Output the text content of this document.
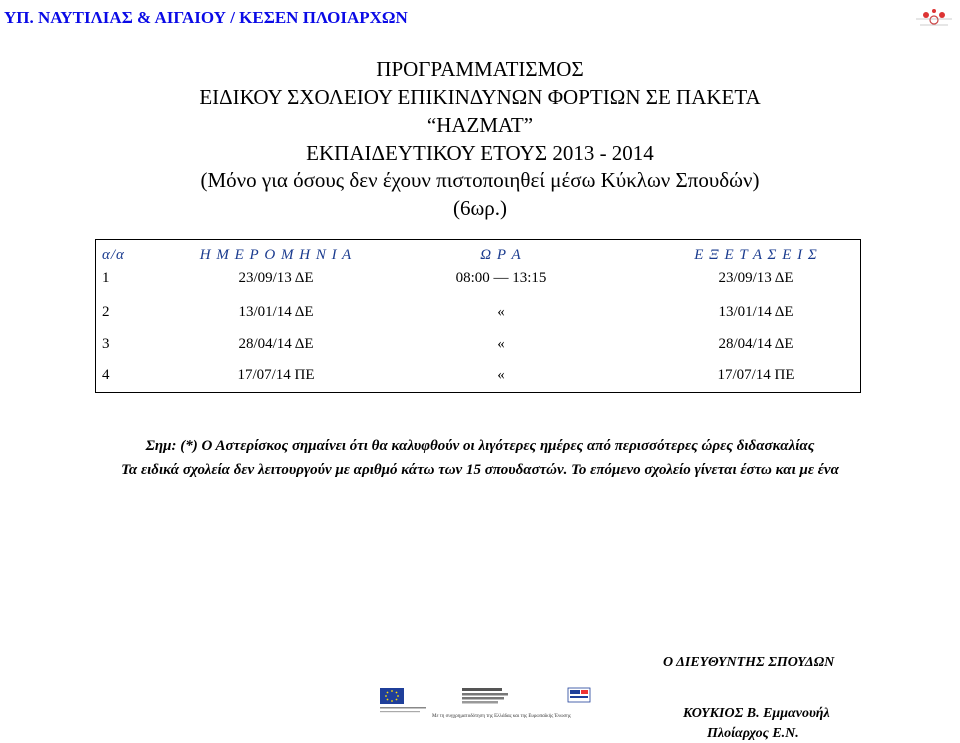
ΥΠ. ΝΑΥΤΙΛΙΑΣ & ΑΙΓΑΙΟΥ / ΚΕΣΕΝ ΠΛΟΙΑΡΧΩΝ
ΠΡΟΓΡΑΜΜΑΤΙΣΜΟΣ
ΕΙΔΙΚΟΥ ΣΧΟΛΕΙΟΥ ΕΠΙΚΙΝΔΥΝΩΝ ΦΟΡΤΙΩΝ ΣΕ ΠΑΚΕΤΑ
“ΗΑΖΜΑΤ”
ΕΚΠΑΙΔΕΥΤΙΚΟΥ ΕΤΟΥΣ 2013 - 2014
(Μόνο για όσους δεν έχουν πιστοποιηθεί μέσω Κύκλων Σπουδών)
(6ωρ.)
α/α	Η Μ Ε Ρ Ο Μ Η Ν Ι Α	Ω Ρ Α	Ε Ξ Ε Τ Α Σ Ε Ι Σ
1	23/09/13 ΔΕ	08:00 — 13:15	23/09/13 ΔΕ
2	13/01/14 ΔΕ	«	13/01/14 ΔΕ
3	28/04/14 ΔΕ	«	28/04/14 ΔΕ
4	17/07/14 ΠΕ	«	17/07/14 ΠΕ
Σημ: (*) Ο Αστερίσκος σημαίνει ότι θα καλυφθούν οι λιγότερες ημέρες από περισσότερες ώρες διδασκαλίας
Τα ειδικά σχολεία δεν λειτουργούν με αριθμό κάτω των 15 σπουδαστών. Το επόμενο σχολείο γίνεται έστω και με ένα
Ο ΔΙΕΥΘΥΝΤΗΣ ΣΠΟΥΔΩΝ
ΚΟΥΚΙΟΣ Β. Εμμανουήλ
Πλοίαρχος Ε.Ν.
Με τη συγχρηματοδότηση της Ελλάδας και της Ευρωπαϊκής Ένωσης
